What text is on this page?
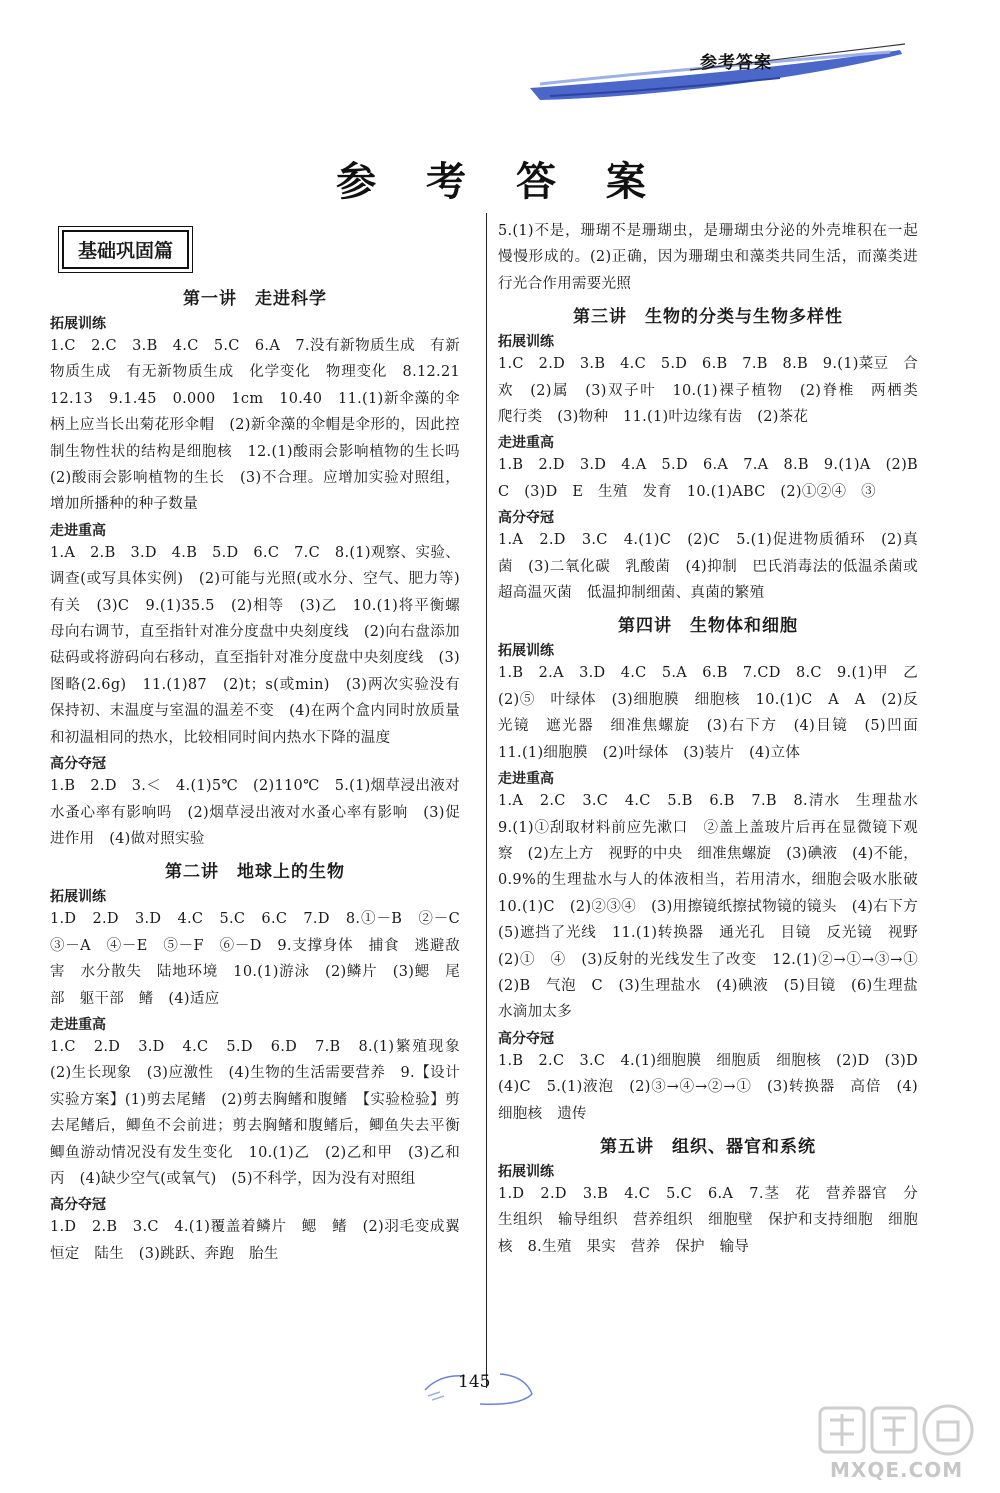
参考答案
参 考 答 案
基础巩固篇
第一讲　走进科学
拓展训练
1.C　2.C　3.B　4.C　5.C　6.A　7.没有新物质生成　有新物质生成　有无新物质生成　化学变化　物理变化　8.12.21　12.13　9.1.45　0.000　1cm　10.40　11.(1)新伞藻的伞柄上应当长出菊花形伞帽　(2)新伞藻的伞帽是伞形的，因此控制生物性状的结构是细胞核　12.(1)酸雨会影响植物的生长吗　(2)酸雨会影响植物的生长　(3)不合理。应增加实验对照组，增加所播种的种子数量
走进重高
1.A　2.B　3.D　4.B　5.D　6.C　7.C　8.(1)观察、实验、调查(或写具体实例)　(2)可能与光照(或水分、空气、肥力等)有关　(3)C　9.(1)35.5　(2)相等　(3)乙　10.(1)将平衡螺母向右调节，直至指针对准分度盘中央刻度线　(2)向右盘添加砝码或将游码向右移动，直至指针对准分度盘中央刻度线　(3)图略(2.6g)　11.(1)87　(2)t；s(或min)　(3)两次实验没有保持初、末温度与室温的温差不变　(4)在两个盒内同时放质量和初温相同的热水，比较相同时间内热水下降的温度
高分夺冠
1.B　2.D　3.＜　4.(1)5℃　(2)110℃　5.(1)烟草浸出液对水蚤心率有影响吗　(2)烟草浸出液对水蚤心率有影响　(3)促进作用　(4)做对照实验
第二讲　地球上的生物
拓展训练
1.D　2.D　3.D　4.C　5.C　6.C　7.D　8.①－B　②－C　③－A　④－E　⑤－F　⑥－D　9.支撑身体　捕食　逃避敌害　水分散失　陆地环境　10.(1)游泳　(2)鳞片　(3)鳃　尾部　躯干部　鳍　(4)适应
走进重高
1.C　2.D　3.D　4.C　5.D　6.D　7.B　8.(1)繁殖现象　(2)生长现象　(3)应激性　(4)生物的生活需要营养　9.【设计实验方案】(1)剪去尾鳍　(2)剪去胸鳍和腹鳍　【实验检验】剪去尾鳍后，鲫鱼不会前进；剪去胸鳍和腹鳍后，鲫鱼失去平衡　鲫鱼游动情况没有发生变化　10.(1)乙　(2)乙和甲　(3)乙和丙　(4)缺少空气(或氧气)　(5)不科学，因为没有对照组
高分夺冠
1.D　2.B　3.C　4.(1)覆盖着鳞片　鳃　鳍　(2)羽毛变成翼　恒定　陆生　(3)跳跃、奔跑　胎生
5.(1)不是，珊瑚不是珊瑚虫，是珊瑚虫分泌的外壳堆积在一起慢慢形成的。(2)正确，因为珊瑚虫和藻类共同生活，而藻类进行光合作用需要光照
第三讲　生物的分类与生物多样性
拓展训练
1.C　2.D　3.B　4.C　5.D　6.B　7.B　8.B　9.(1)菜豆　合欢　(2)属　(3)双子叶　10.(1)裸子植物　(2)脊椎　两栖类　爬行类　(3)物种　11.(1)叶边缘有齿　(2)茶花
走进重高
1.B　2.D　3.D　4.A　5.D　6.A　7.A　8.B　9.(1)A　(2)B　C　(3)D　E　生殖　发育　10.(1)ABC　(2)①②④　③
高分夺冠
1.A　2.D　3.C　4.(1)C　(2)C　5.(1)促进物质循环　(2)真菌　(3)二氧化碳　乳酸菌　(4)抑制　巴氏消毒法的低温杀菌或超高温灭菌　低温抑制细菌、真菌的繁殖
第四讲　生物体和细胞
拓展训练
1.B　2.A　3.D　4.C　5.A　6.B　7.CD　8.C　9.(1)甲　乙　(2)⑤　叶绿体　(3)细胞膜　细胞核　10.(1)C　A　A　(2)反光镜　遮光器　细准焦螺旋　(3)右下方　(4)目镜　(5)凹面　11.(1)细胞膜　(2)叶绿体　(3)装片　(4)立体
走进重高
1.A　2.C　3.C　4.C　5.B　6.B　7.B　8.清水　生理盐水　9.(1)①刮取材料前应先漱口　②盖上盖玻片后再在显微镜下观察　(2)左上方　视野的中央　细准焦螺旋　(3)碘液　(4)不能，0.9%的生理盐水与人的体液相当，若用清水，细胞会吸水胀破　10.(1)C　(2)②③④　(3)用擦镜纸擦拭物镜的镜头　(4)右下方　(5)遮挡了光线　11.(1)转换器　通光孔　目镜　反光镜　视野　(2)①　④　(3)反射的光线发生了改变　12.(1)②→①→③→①　(2)B　气泡　C　(3)生理盐水　(4)碘液　(5)目镜　(6)生理盐水滴加太多
高分夺冠
1.B　2.C　3.C　4.(1)细胞膜　细胞质　细胞核　(2)D　(3)D　(4)C　5.(1)液泡　(2)③→④→②→①　(3)转换器　高倍　(4)细胞核　遗传
第五讲　组织、器官和系统
拓展训练
1.D　2.D　3.B　4.C　5.C　6.A　7.茎　花　营养器官　分生组织　输导组织　营养组织　细胞壁　保护和支持细胞　细胞核　8.生殖　果实　营养　保护　输导
145
MXQE.COM
